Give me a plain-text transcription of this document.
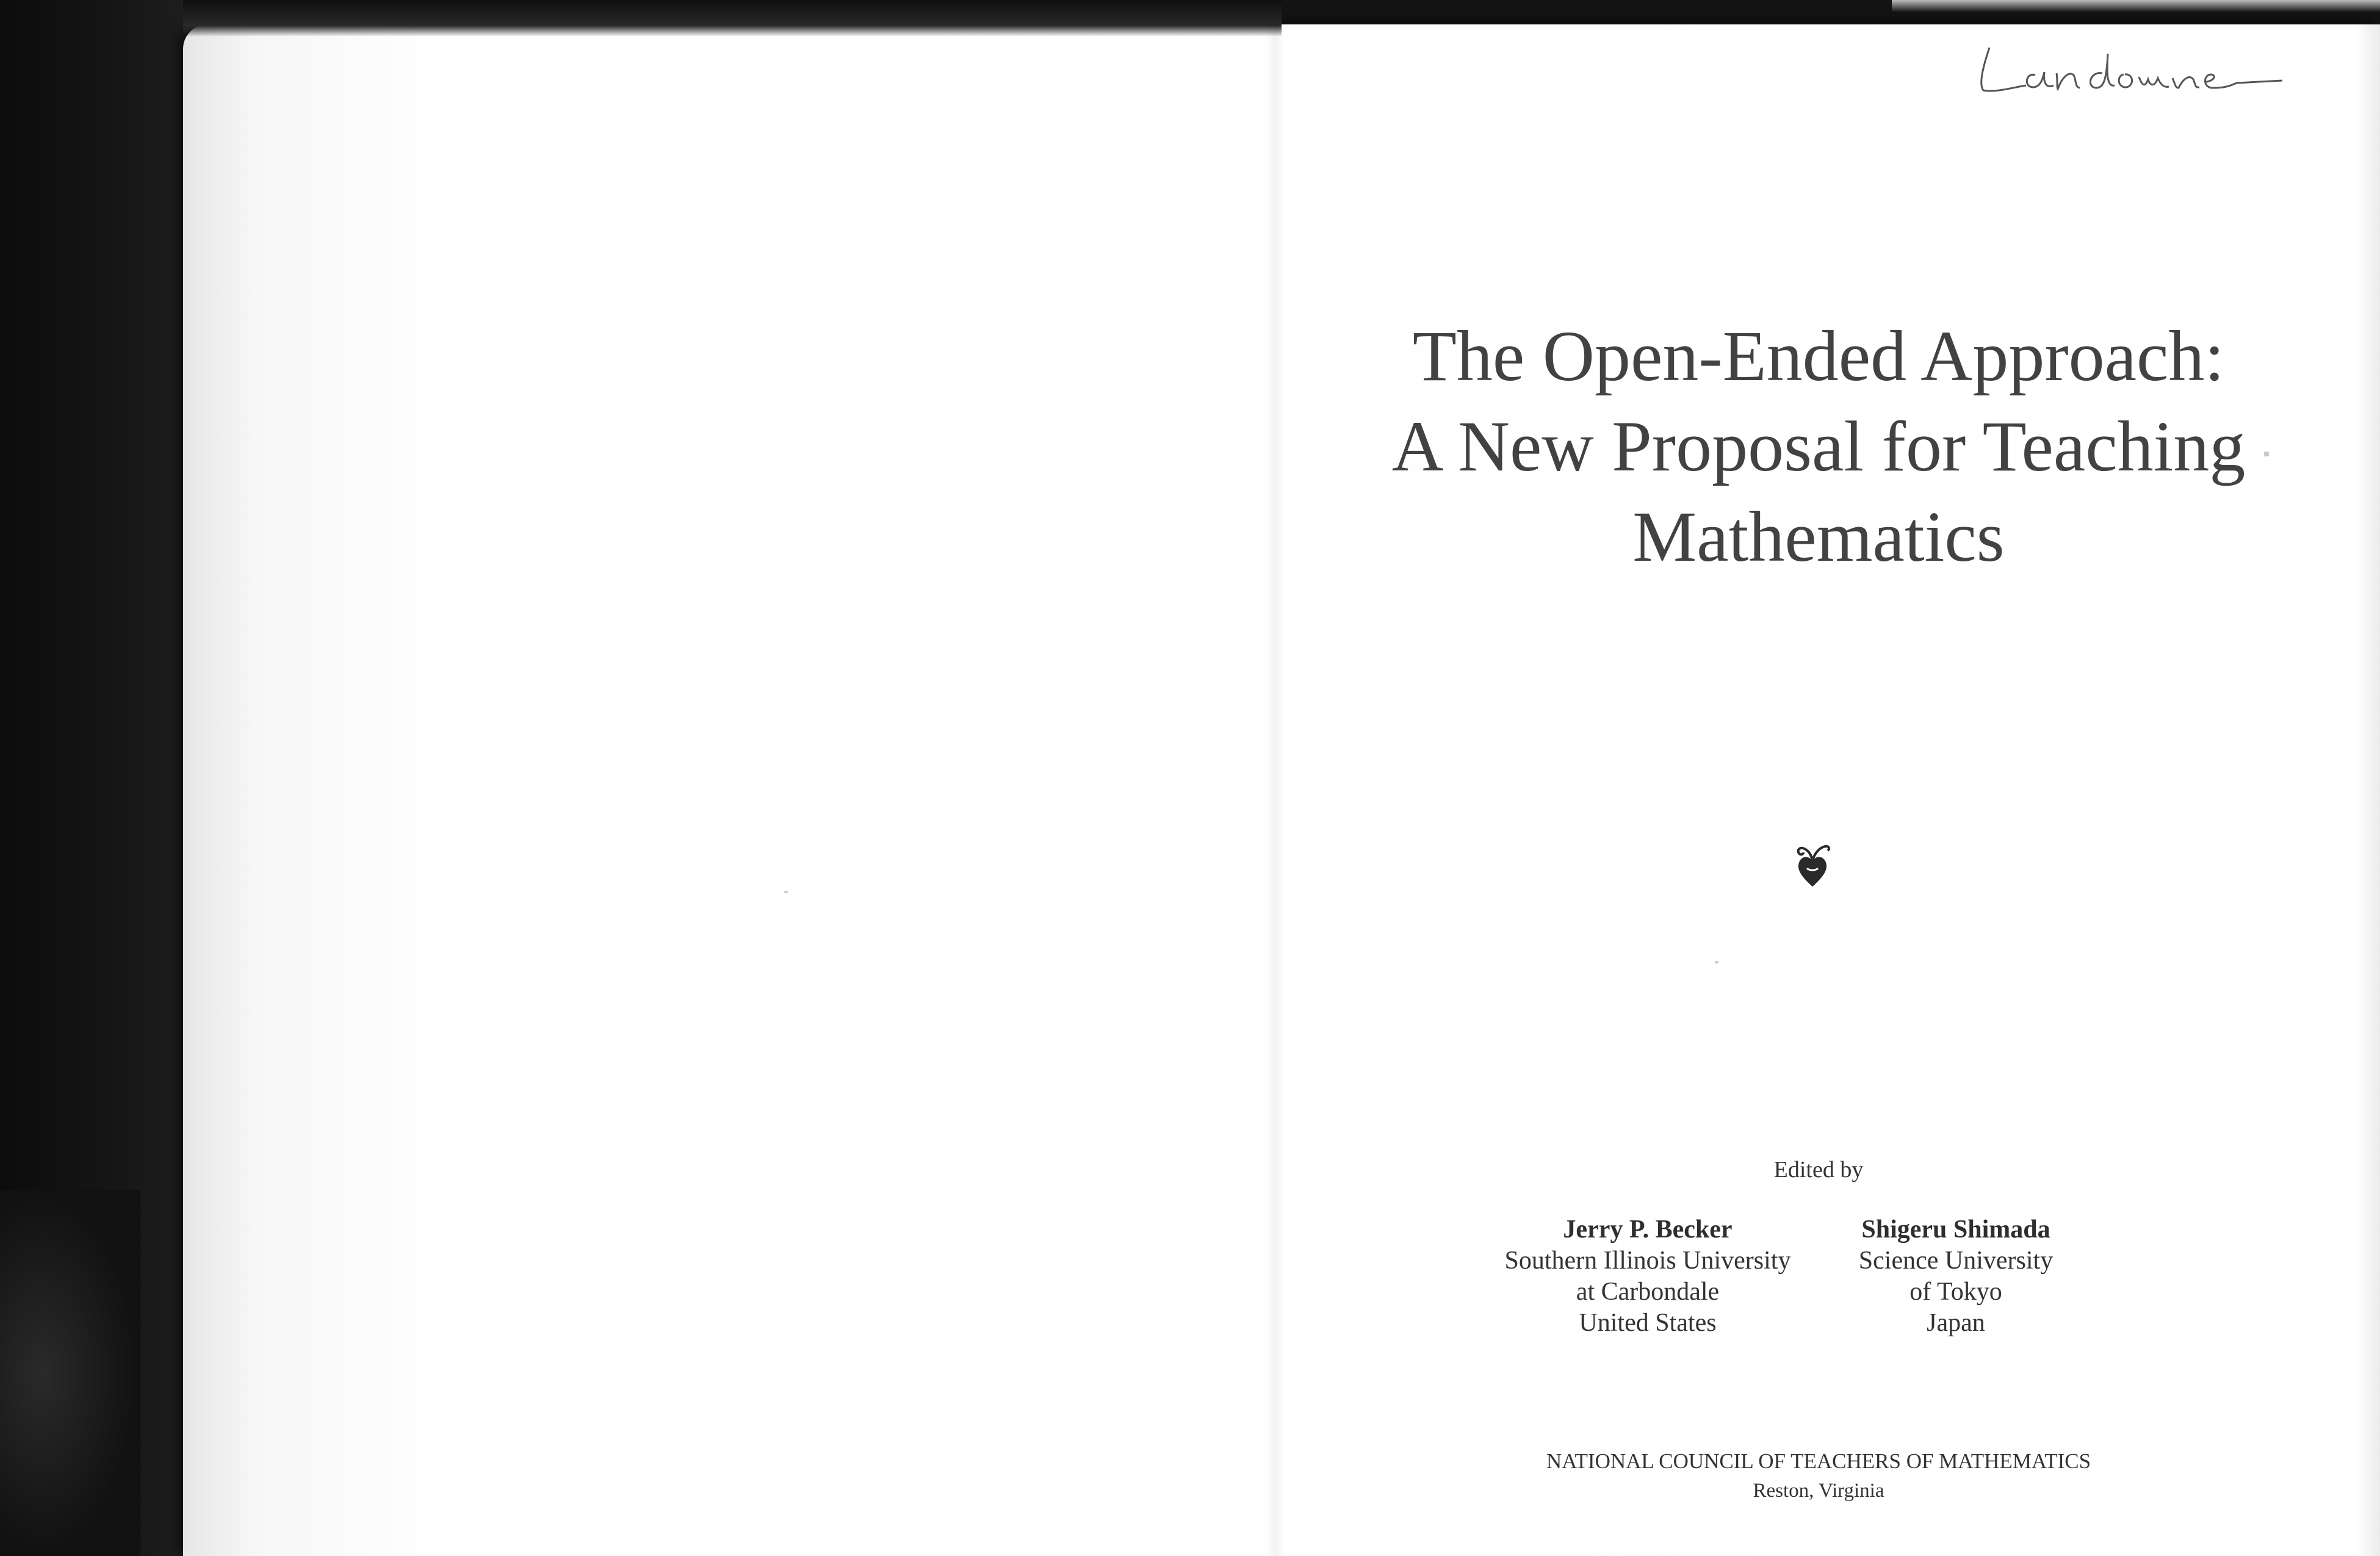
The Open-Ended Approach:
A New Proposal for Teaching
Mathematics
Edited by
Jerry P. Becker
Southern Illinois University
at Carbondale
United States
Shigeru Shimada
Science University
of Tokyo
Japan
NATIONAL COUNCIL OF TEACHERS OF MATHEMATICS
Reston, Virginia
